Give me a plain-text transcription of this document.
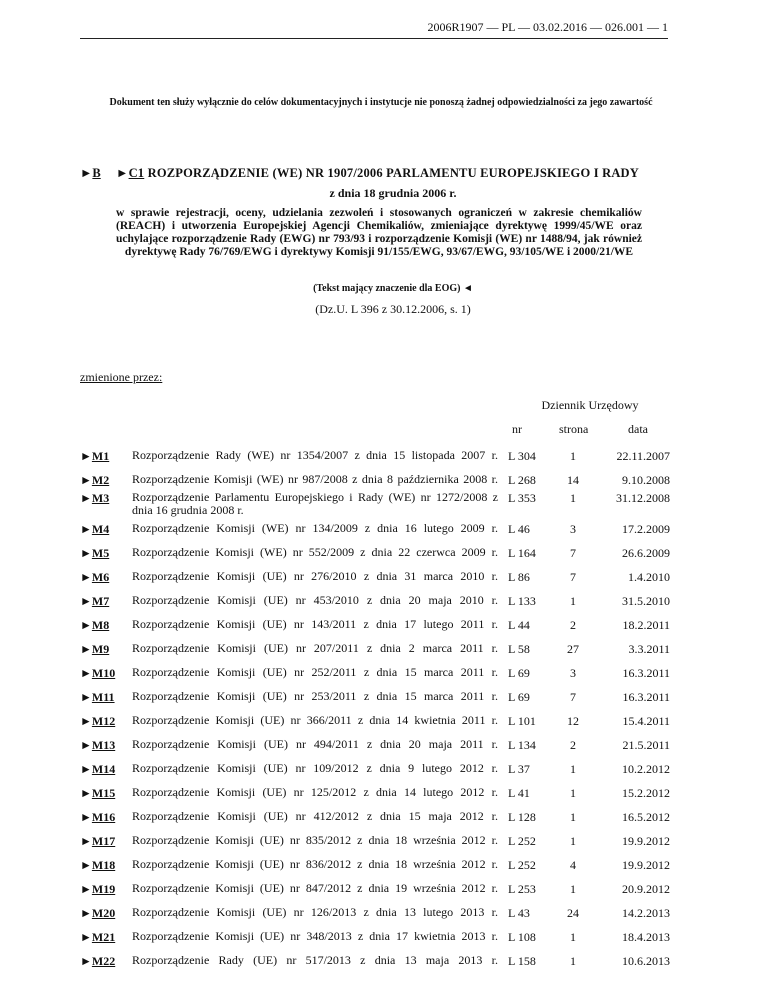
2006R1907 — PL — 03.02.2016 — 026.001 — 1
Dokument ten służy wyłącznie do celów dokumentacyjnych i instytucje nie ponoszą żadnej odpowiedzialności za jego zawartość
►B ►C1 ROZPORZĄDZENIE (WE) NR 1907/2006 PARLAMENTU EUROPEJSKIEGO I RADY
z dnia 18 grudnia 2006 r.
w sprawie rejestracji, oceny, udzielania zezwoleń i stosowanych ograniczeń w zakresie chemikaliów (REACH) i utworzenia Europejskiej Agencji Chemikaliów, zmieniające dyrektywę 1999/45/WE oraz uchylające rozporządzenie Rady (EWG) nr 793/93 i rozporządzenie Komisji (WE) nr 1488/94, jak również dyrektywę Rady 76/769/EWG i dyrektywy Komisji 91/155/EWG, 93/67/EWG, 93/105/WE i 2000/21/WE
(Tekst mający znaczenie dla EOG) ◄
(Dz.U. L 396 z 30.12.2006, s. 1)
zmienione przez:
Dziennik Urzędowy
nr	strona	data
►M1 Rozporządzenie Rady (WE) nr 1354/2007 z dnia 15 listopada 2007 r. L 304	1	22.11.2007
►M2 Rozporządzenie Komisji (WE) nr 987/2008 z dnia 8 października 2008 r. L 268	14	9.10.2008
►M3 Rozporządzenie Parlamentu Europejskiego i Rady (WE) nr 1272/2008 z dnia 16 grudnia 2008 r.
L 353	1	31.12.2008
►M4 Rozporządzenie Komisji (WE) nr 134/2009 z dnia 16 lutego 2009 r. L 46	3	17.2.2009
►M5 Rozporządzenie Komisji (WE) nr 552/2009 z dnia 22 czerwca 2009 r. L 164	7	26.6.2009
►M6 Rozporządzenie Komisji (UE) nr 276/2010 z dnia 31 marca 2010 r. L 86	7	1.4.2010
►M7 Rozporządzenie Komisji (UE) nr 453/2010 z dnia 20 maja 2010 r. L 133	1	31.5.2010
►M8 Rozporządzenie Komisji (UE) nr 143/2011 z dnia 17 lutego 2011 r. L 44	2	18.2.2011
►M9 Rozporządzenie Komisji (UE) nr 207/2011 z dnia 2 marca 2011 r. L 58	27	3.3.2011
►M10 Rozporządzenie Komisji (UE) nr 252/2011 z dnia 15 marca 2011 r. L 69	3	16.3.2011
►M11 Rozporządzenie Komisji (UE) nr 253/2011 z dnia 15 marca 2011 r. L 69	7	16.3.2011
►M12 Rozporządzenie Komisji (UE) nr 366/2011 z dnia 14 kwietnia 2011 r. L 101	12	15.4.2011
►M13 Rozporządzenie Komisji (UE) nr 494/2011 z dnia 20 maja 2011 r. L 134	2	21.5.2011
►M14 Rozporządzenie Komisji (UE) nr 109/2012 z dnia 9 lutego 2012 r. L 37	1	10.2.2012
►M15 Rozporządzenie Komisji (UE) nr 125/2012 z dnia 14 lutego 2012 r. L 41	1	15.2.2012
►M16 Rozporządzenie Komisji (UE) nr 412/2012 z dnia 15 maja 2012 r. L 128	1	16.5.2012
►M17 Rozporządzenie Komisji (UE) nr 835/2012 z dnia 18 września 2012 r. L 252	1	19.9.2012
►M18 Rozporządzenie Komisji (UE) nr 836/2012 z dnia 18 września 2012 r. L 252	4	19.9.2012
►M19 Rozporządzenie Komisji (UE) nr 847/2012 z dnia 19 września 2012 r. L 253	1	20.9.2012
►M20 Rozporządzenie Komisji (UE) nr 126/2013 z dnia 13 lutego 2013 r. L 43	24	14.2.2013
►M21 Rozporządzenie Komisji (UE) nr 348/2013 z dnia 17 kwietnia 2013 r. L 108	1	18.4.2013
►M22 Rozporządzenie Rady (UE) nr 517/2013 z dnia 13 maja 2013 r. L 158	1	10.6.2013
